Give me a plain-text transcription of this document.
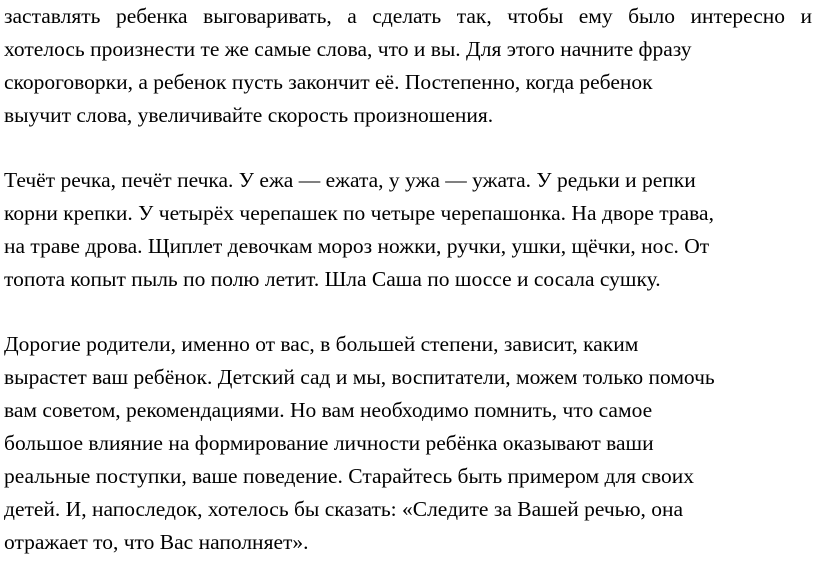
заставлять ребенка выговаривать, а сделать так, чтобы ему было интересно и
хотелось произнести те же самые слова, что и вы. Для этого начните фразу
скороговорки, а ребенок пусть закончит её. Постепенно, когда ребенок
выучит слова, увеличивайте скорость произношения.
Течёт речка, печёт печка. У ежа — ежата, у ужа — ужата. У редьки и репки
корни крепки. У четырёх черепашек по четыре черепашонка. На дворе трава,
на траве дрова. Щиплет девочкам мороз ножки, ручки, ушки, щёчки, нос. От
топота копыт пыль по полю летит. Шла Саша по шоссе и сосала сушку.
Дорогие родители, именно от вас, в большей степени, зависит, каким
вырастет ваш ребёнок. Детский сад и мы, воспитатели, можем только помочь
вам советом, рекомендациями. Но вам необходимо помнить, что самое
большое влияние на формирование личности ребёнка оказывают ваши
реальные поступки, ваше поведение. Старайтесь быть примером для своих
детей. И, напоследок, хотелось бы сказать: «Следите за Вашей речью, она
отражает то, что Вас наполняет».
